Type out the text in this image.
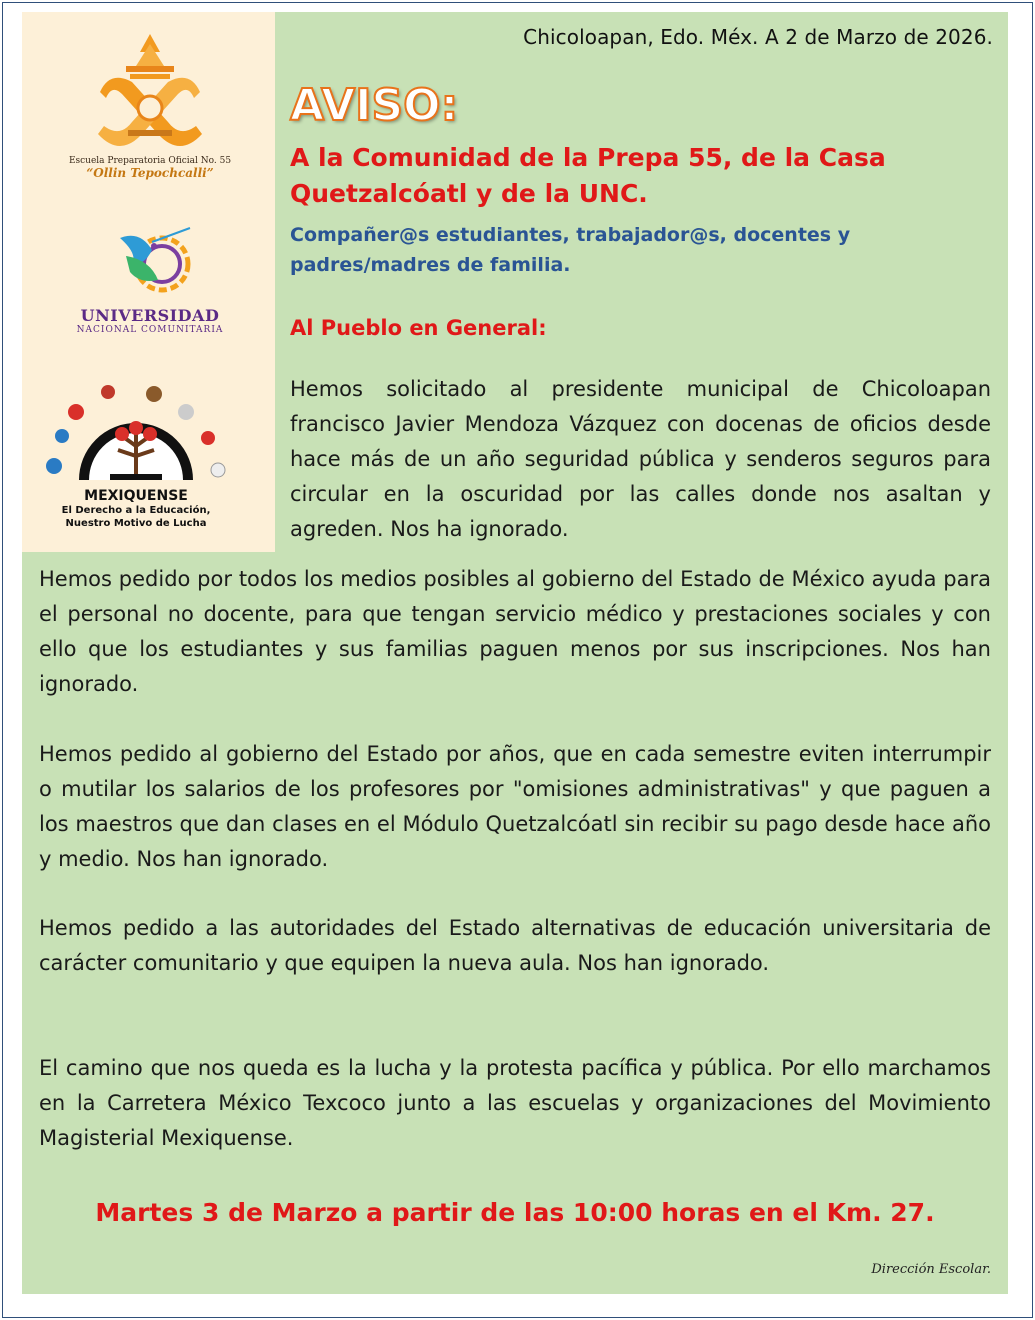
Escuela Preparatoria Oficial No. 55
“Ollin Tepochcalli”
UNIVERSIDAD
NACIONAL COMUNITARIA
MEXIQUENSE
El Derecho a la Educación,
Nuestro Motivo de Lucha
Chicoloapan, Edo. Méx. A 2 de Marzo de 2026.
AVISO:
A la Comunidad de la Prepa 55, de la Casa Quetzalcóatl y de la UNC.
Compañer@s estudiantes, trabajador@s, docentes y padres/madres de familia.
Al Pueblo en General:
Hemos solicitado al presidente municipal de Chicoloapan francisco Javier Mendoza Vázquez con docenas de oficios desde hace más de un año seguridad pública y senderos seguros para circular en la oscuridad por las calles donde nos asaltan y agreden. Nos ha ignorado.
Hemos pedido por todos los medios posibles al gobierno del Estado de México ayuda para el personal no docente, para que tengan servicio médico y prestaciones sociales y con ello que los estudiantes y sus familias paguen menos por sus inscripciones. Nos han ignorado.
Hemos pedido al gobierno del Estado por años, que en cada semestre eviten interrumpir o mutilar los salarios de los profesores por "omisiones administrativas" y que paguen a los maestros que dan clases en el Módulo Quetzalcóatl sin recibir su pago desde hace año y medio. Nos han ignorado.
Hemos pedido a las autoridades del Estado alternativas de educación universitaria de carácter comunitario y que equipen la nueva aula. Nos han ignorado.
El camino que nos queda es la lucha y la protesta pacífica y pública. Por ello marchamos en la Carretera México Texcoco junto a las escuelas y organizaciones del Movimiento Magisterial Mexiquense.
Martes 3 de Marzo a partir de las 10:00 horas en el Km. 27.
Dirección Escolar.
